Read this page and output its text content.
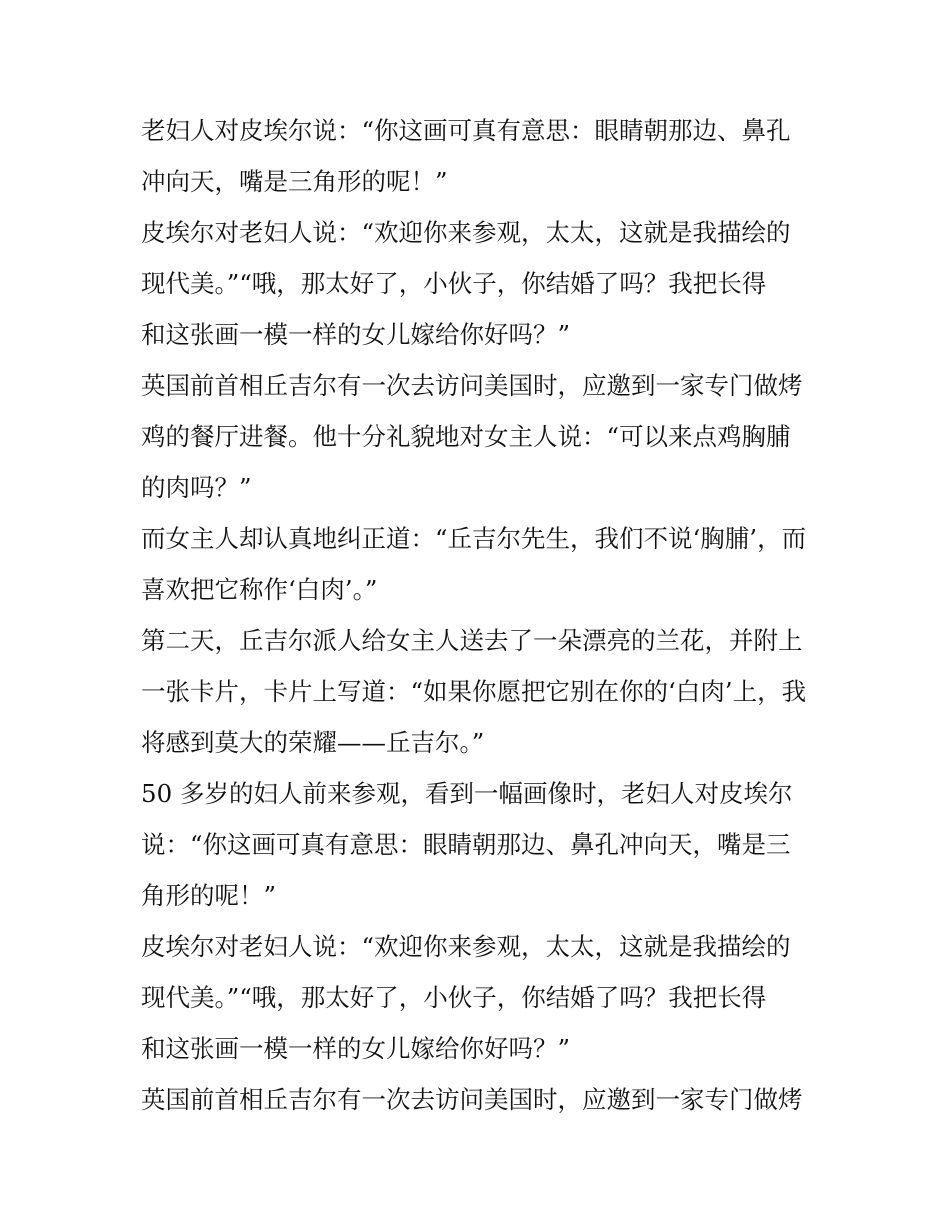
老妇人对皮埃尔说：“你这画可真有意思：眼睛朝那边、鼻孔
冲向天，嘴是三角形的呢！”
皮埃尔对老妇人说：“欢迎你来参观，太太，这就是我描绘的
现代美。”“哦，那太好了，小伙子，你结婚了吗？我把长得
和这张画一模一样的女儿嫁给你好吗？”
英国前首相丘吉尔有一次去访问美国时，应邀到一家专门做烤
鸡的餐厅进餐。他十分礼貌地对女主人说：“可以来点鸡胸脯
的肉吗？”
而女主人却认真地纠正道：“丘吉尔先生，我们不说‘胸脯’，而
喜欢把它称作‘白肉’。”
第二天，丘吉尔派人给女主人送去了一朵漂亮的兰花，并附上
一张卡片，卡片上写道：“如果你愿把它别在你的‘白肉’上，我
将感到莫大的荣耀——丘吉尔。”
50 多岁的妇人前来参观，看到一幅画像时，老妇人对皮埃尔
说：“你这画可真有意思：眼睛朝那边、鼻孔冲向天，嘴是三
角形的呢！”
皮埃尔对老妇人说：“欢迎你来参观，太太，这就是我描绘的
现代美。”“哦，那太好了，小伙子，你结婚了吗？我把长得
和这张画一模一样的女儿嫁给你好吗？”
英国前首相丘吉尔有一次去访问美国时，应邀到一家专门做烤
